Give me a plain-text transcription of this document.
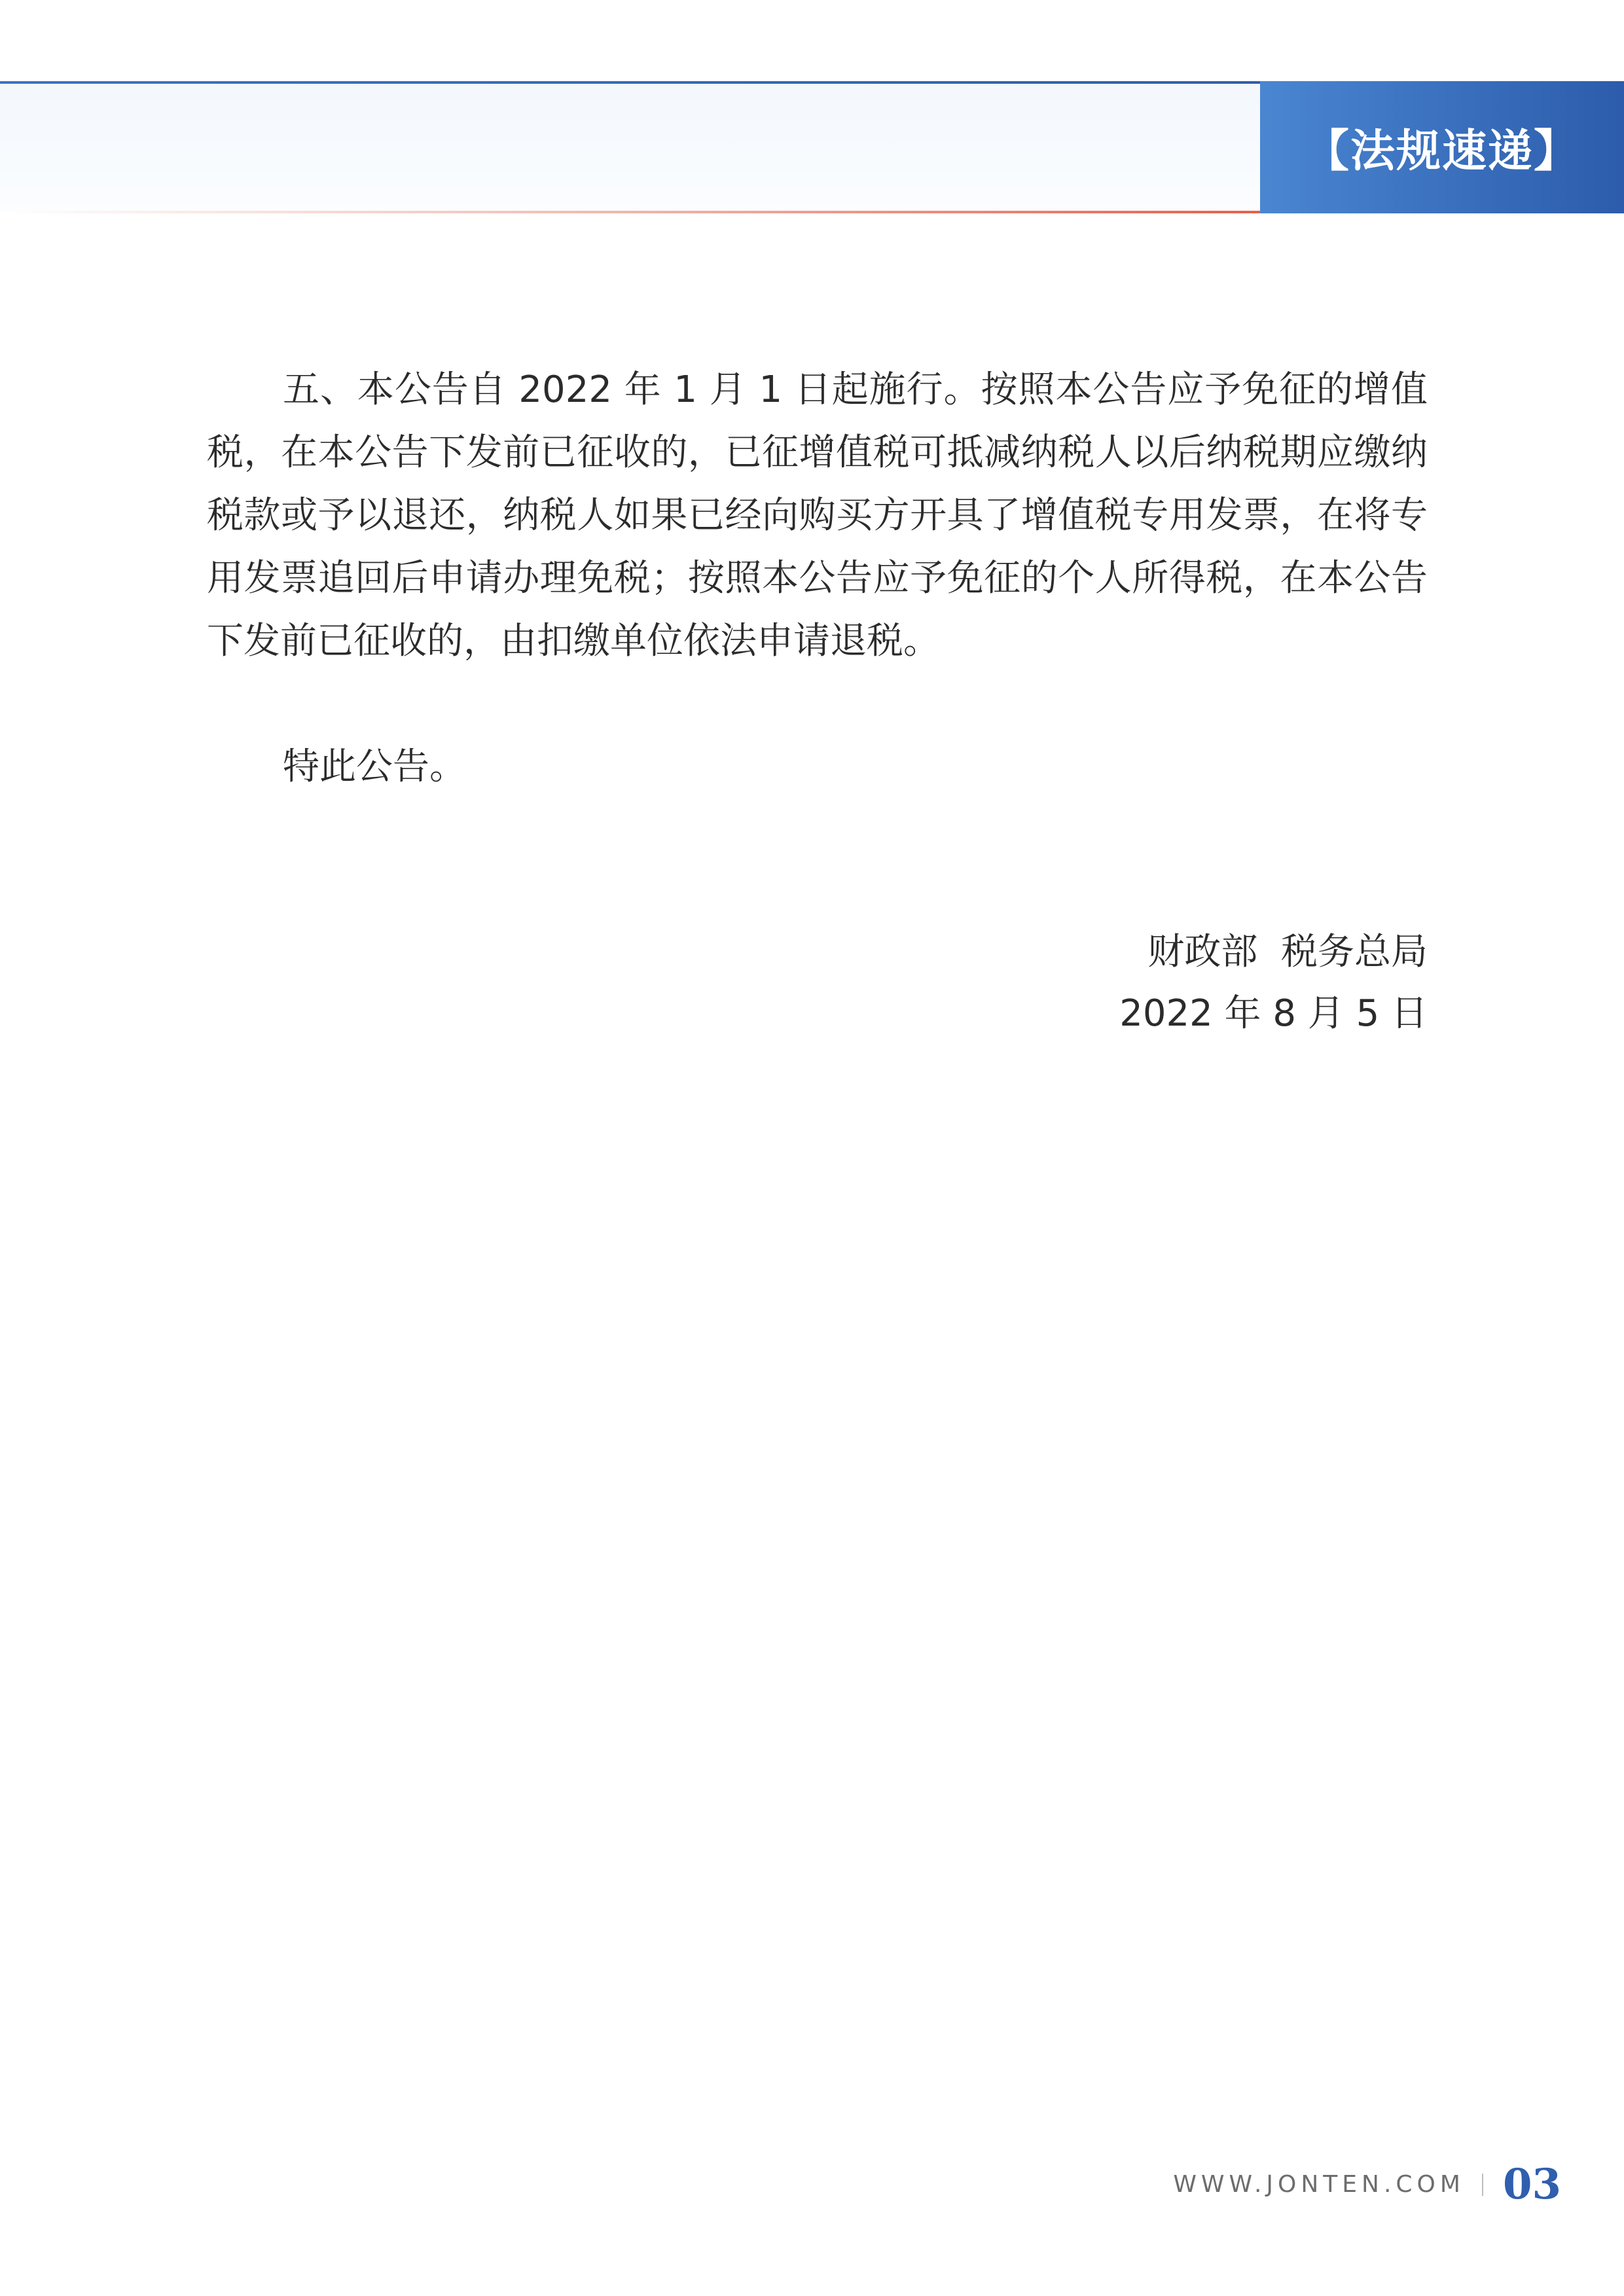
【法规速递】

五、本公告自 2022 年 1 月 1 日起施行。按照本公告应予免征的增值税，在本公告下发前已征收的，已征增值税可抵减纳税人以后纳税期应缴纳税款或予以退还，纳税人如果已经向购买方开具了增值税专用发票，在将专用发票追回后申请办理免税；按照本公告应予免征的个人所得税，在本公告下发前已征收的，由扣缴单位依法申请退税。

特此公告。

财政部  税务总局
2022 年 8 月 5 日
WWW.JONTEN.COM 03
